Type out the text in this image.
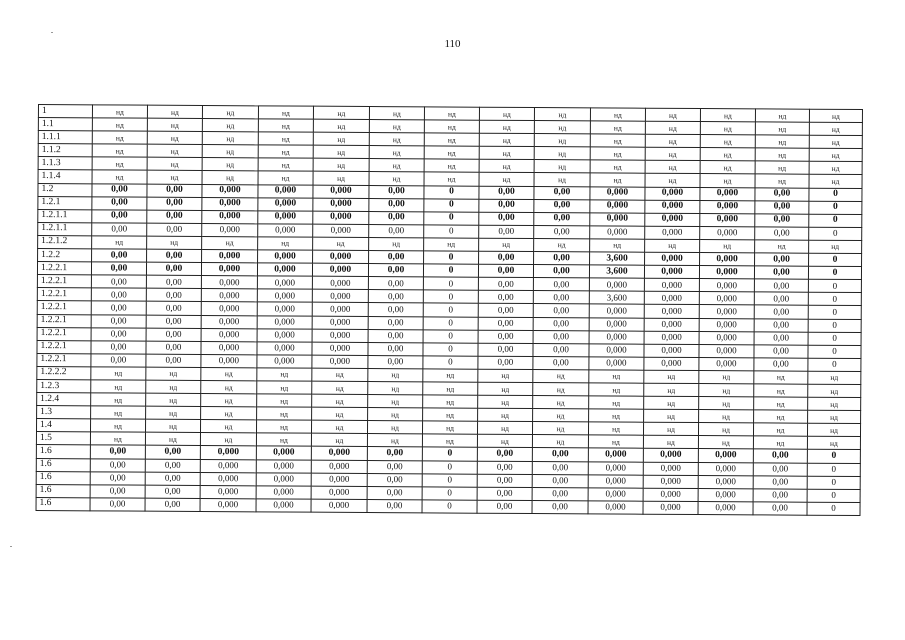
110
1	нд	нд	нд	нд	нд	нд	нд	нд	нд	нд	нд	нд	нд	нд
1.1	нд	нд	нд	нд	нд	нд	нд	нд	нд	нд	нд	нд	нд	нд
1.1.1	нд	нд	нд	нд	нд	нд	нд	нд	нд	нд	нд	нд	нд	нд
1.1.2	нд	нд	нд	нд	нд	нд	нд	нд	нд	нд	нд	нд	нд	нд
1.1.3	нд	нд	нд	нд	нд	нд	нд	нд	нд	нд	нд	нд	нд	нд
1.1.4	нд	нд	нд	нд	нд	нд	нд	нд	нд	нд	нд	нд	нд	нд
1.2	0,00	0,00	0,000	0,000	0,000	0,00	0	0,00	0,00	0,000	0,000	0,000	0,00	0
1.2.1	0,00	0,00	0,000	0,000	0,000	0,00	0	0,00	0,00	0,000	0,000	0,000	0,00	0
1.2.1.1	0,00	0,00	0,000	0,000	0,000	0,00	0	0,00	0,00	0,000	0,000	0,000	0,00	0
1.2.1.1	0,00	0,00	0,000	0,000	0,000	0,00	0	0,00	0,00	0,000	0,000	0,000	0,00	0
1.2.1.2	нд	нд	нд	нд	нд	нд	нд	нд	нд	нд	нд	нд	нд	нд
1.2.2	0,00	0,00	0,000	0,000	0,000	0,00	0	0,00	0,00	3,600	0,000	0,000	0,00	0
1.2.2.1	0,00	0,00	0,000	0,000	0,000	0,00	0	0,00	0,00	3,600	0,000	0,000	0,00	0
1.2.2.1	0,00	0,00	0,000	0,000	0,000	0,00	0	0,00	0,00	0,000	0,000	0,000	0,00	0
1.2.2.1	0,00	0,00	0,000	0,000	0,000	0,00	0	0,00	0,00	3,600	0,000	0,000	0,00	0
1.2.2.1	0,00	0,00	0,000	0,000	0,000	0,00	0	0,00	0,00	0,000	0,000	0,000	0,00	0
1.2.2.1	0,00	0,00	0,000	0,000	0,000	0,00	0	0,00	0,00	0,000	0,000	0,000	0,00	0
1.2.2.1	0,00	0,00	0,000	0,000	0,000	0,00	0	0,00	0,00	0,000	0,000	0,000	0,00	0
1.2.2.1	0,00	0,00	0,000	0,000	0,000	0,00	0	0,00	0,00	0,000	0,000	0,000	0,00	0
1.2.2.1	0,00	0,00	0,000	0,000	0,000	0,00	0	0,00	0,00	0,000	0,000	0,000	0,00	0
1.2.2.2	нд	нд	нд	нд	нд	нд	нд	нд	нд	нд	нд	нд	нд	нд
1.2.3	нд	нд	нд	нд	нд	нд	нд	нд	нд	нд	нд	нд	нд	нд
1.2.4	нд	нд	нд	нд	нд	нд	нд	нд	нд	нд	нд	нд	нд	нд
1.3	нд	нд	нд	нд	нд	нд	нд	нд	нд	нд	нд	нд	нд	нд
1.4	нд	нд	нд	нд	нд	нд	нд	нд	нд	нд	нд	нд	нд	нд
1.5	нд	нд	нд	нд	нд	нд	нд	нд	нд	нд	нд	нд	нд	нд
1.6	0,00	0,00	0,000	0,000	0,000	0,00	0	0,00	0,00	0,000	0,000	0,000	0,00	0
1.6	0,00	0,00	0,000	0,000	0,000	0,00	0	0,00	0,00	0,000	0,000	0,000	0,00	0
1.6	0,00	0,00	0,000	0,000	0,000	0,00	0	0,00	0,00	0,000	0,000	0,000	0,00	0
1.6	0,00	0,00	0,000	0,000	0,000	0,00	0	0,00	0,00	0,000	0,000	0,000	0,00	0
1.6	0,00	0,00	0,000	0,000	0,000	0,00	0	0,00	0,00	0,000	0,000	0,000	0,00	0
